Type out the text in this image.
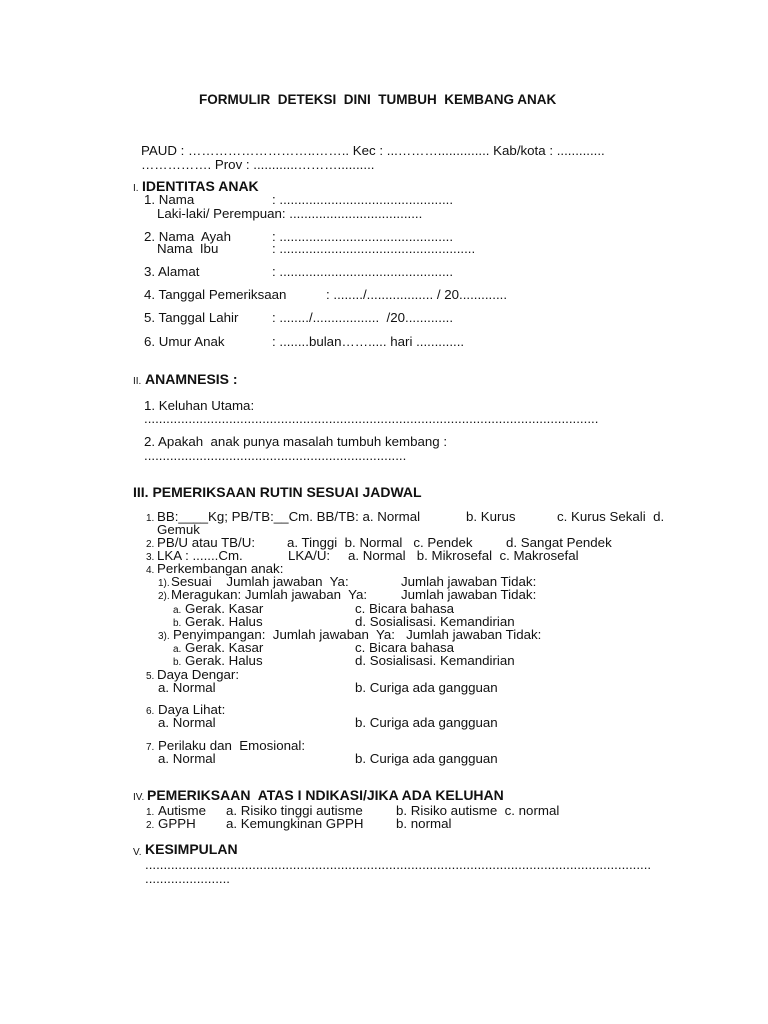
FORMULIR  DETEKSI  DINI  TUMBUH  KEMBANG ANAK
PAUD : ………………………..…….. Kec : ...……….............. Kab/kota : .............
……………. Prov : ............………..........
I. IDENTITAS ANAK
1. Nama	: ...............................................
Laki-laki/ Perempuan: ....................................
2. Nama  Ayah	: ...............................................
Nama  Ibu	: .....................................................
3. Alamat	: ...............................................
4. Tanggal Pemeriksaan	: ......../.................. / 20.............
5. Tanggal Lahir	: ......../..................  /20.............
6. Umur Anak	: ........bulan……..... hari .............
II. ANAMNESIS :
1. Keluhan Utama:
...........................................................................................................................
2. Apakah  anak punya masalah tumbuh kembang :
.......................................................................
III. PEMERIKSAAN RUTIN SESUAI JADWAL
1. BB:____Kg; PB/TB:__Cm. BB/TB: a. Normal	b. Kurus	c. Kurus Sekali  d.
Gemuk
2. PB/U atau TB/U: a. Tinggi  b. Normal   c. Pendek	d. Sangat Pendek
3. LKA : .......Cm.	LKA/U: a. Normal   b. Mikrosefal  c. Makrosefal
4. Perkembangan anak:
1). Sesuai    Jumlah jawaban  Ya:	Jumlah jawaban Tidak:
2). Meragukan: Jumlah jawaban  Ya:	Jumlah jawaban Tidak:
a. Gerak. Kasar	c. Bicara bahasa
b. Gerak. Halus	d. Sosialisasi. Kemandirian
3). Penyimpangan:  Jumlah jawaban  Ya:   Jumlah jawaban Tidak:
a. Gerak. Kasar	c. Bicara bahasa
b. Gerak. Halus	d. Sosialisasi. Kemandirian
5. Daya Dengar:
a. Normal	b. Curiga ada gangguan
6. Daya Lihat:
a. Normal	b. Curiga ada gangguan
7. Perilaku dan  Emosional:
a. Normal	b. Curiga ada gangguan
IV. PEMERIKSAAN  ATAS I NDIKASI/JIKA ADA KELUHAN
1. Autisme a. Risiko tinggi autisme	b. Risiko autisme  c. normal
2. GPPH a. Kemungkinan GPPH b. normal
V. KESIMPULAN
.........................................................................................................................................
.......................
